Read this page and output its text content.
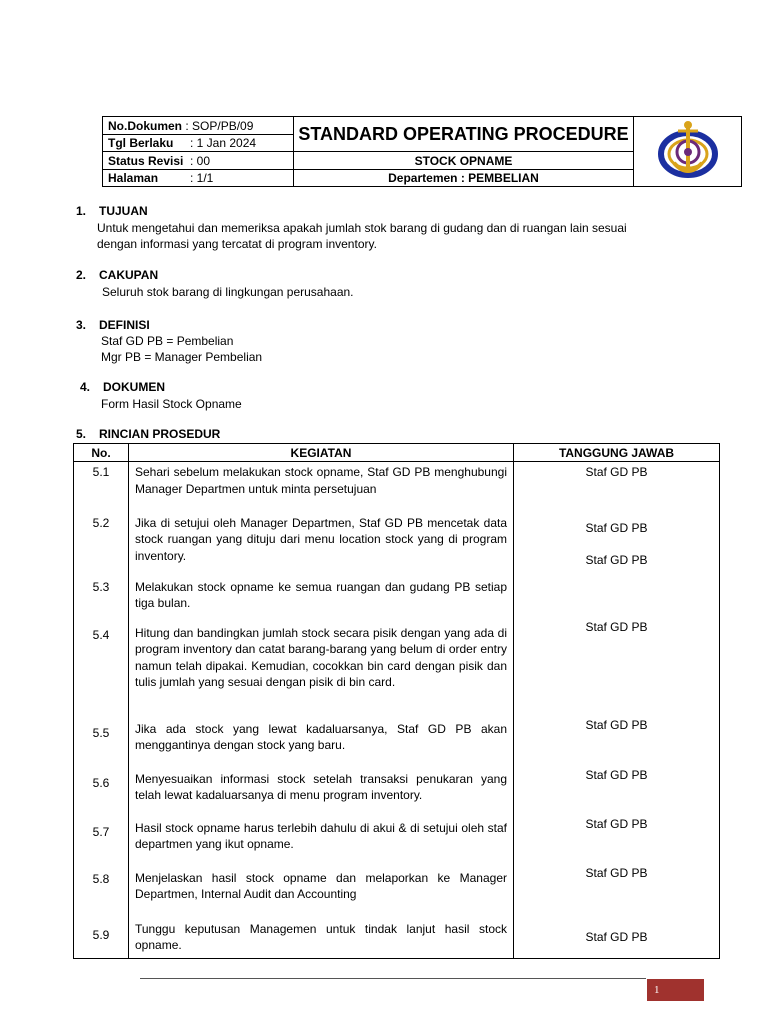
No.Dokumen : SOP/PB/09	STANDARD OPERATING PROCEDURE	
Tgl Berlaku : 1 Jan 2024		
Status Revisi : 00	STOCK OPNAME	
Halaman : 1/1	Departemen : PEMBELIAN	
1. TUJUAN
Untuk mengetahui dan memeriksa apakah jumlah stok barang di gudang dan di ruangan lain sesuai
dengan informasi yang tercatat di program inventory.
2. CAKUPAN
Seluruh stok barang di lingkungan perusahaan.
3. DEFINISI
Staf GD PB = Pembelian
Mgr PB = Manager Pembelian
4. DOKUMEN
Form Hasil Stock Opname
5. RINCIAN PROSEDUR
No.	KEGIATAN	TANGGUNG JAWAB
5.1	Sehari sebelum melakukan stock opname, Staf GD PB menghubungi Manager Departmen untuk minta persetujuan	Staf GD PB

5.2	Jika di setujui oleh Manager Departmen, Staf GD PB mencetak data stock ruangan yang dituju dari menu location stock yang di program inventory.	Staf GD PB
Staf GD PB

5.3	Melakukan stock opname ke semua ruangan dan gudang PB setiap tiga bulan.	
5.4	Hitung dan bandingkan jumlah stock secara pisik dengan yang ada di program inventory dan catat barang-barang yang belum di order entry namun telah dipakai. Kemudian, cocokkan bin card dengan pisik dan tulis jumlah yang sesuai dengan pisik di bin card.	Staf GD PB

5.5	Jika ada stock yang lewat kadaluarsanya, Staf GD PB akan menggantinya dengan stock yang baru.	Staf GD PB

5.6	Menyesuaikan informasi stock setelah transaksi penukaran yang telah lewat kadaluarsanya di menu program inventory.	Staf GD PB

5.7	Hasil stock opname harus terlebih dahulu di akui & di setujui oleh staf departmen yang ikut opname.	Staf GD PB

5.8	Menjelaskan hasil stock opname dan melaporkan ke Manager Departmen, Internal Audit dan Accounting	Staf GD PB

5.9	Tunggu keputusan Managemen untuk tindak lanjut hasil stock opname.	Staf GD PB
1
